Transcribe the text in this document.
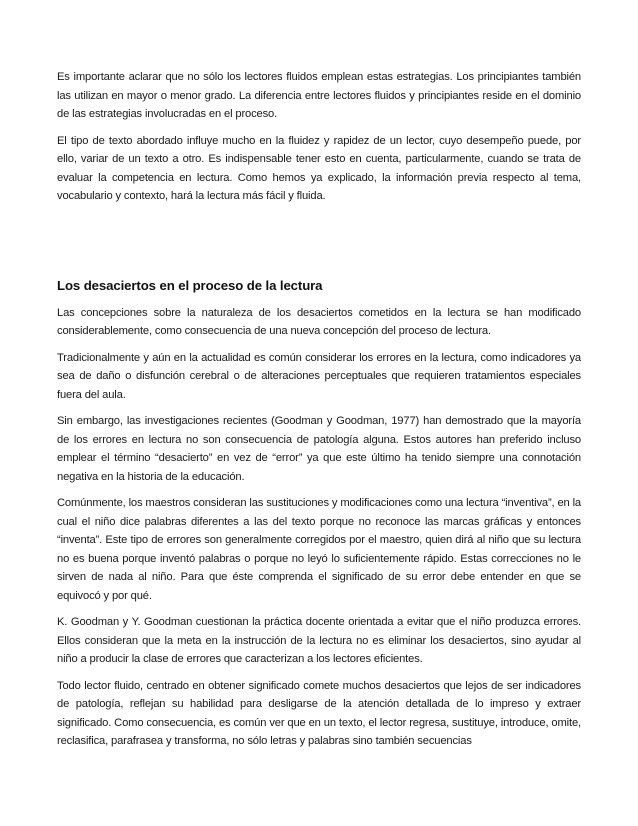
Es importante aclarar que no sólo los lectores fluidos emplean estas estrategias. Los principiantes también las utilizan en mayor o menor grado. La diferencia entre lectores fluidos y principiantes reside en el dominio de las estrategias involucradas en el proceso.

El tipo de texto abordado influye mucho en la fluidez y rapidez de un lector, cuyo desempeño puede, por ello, variar de un texto a otro. Es indispensable tener esto en cuenta, particularmente, cuando se trata de evaluar la competencia en lectura. Como hemos ya explicado, la información previa respecto al tema, vocabulario y contexto, hará la lectura más fácil y fluida.

Los desaciertos en el proceso de la lectura

Las concepciones sobre la naturaleza de los desaciertos cometidos en la lectura se han modificado considerablemente, como consecuencia de una nueva concepción del proceso de lectura.

Tradicionalmente y aún en la actualidad es común considerar los errores en la lectura, como indicadores ya sea de daño o disfunción cerebral o de alteraciones perceptuales que requieren tratamientos especiales fuera del aula.

Sin embargo, las investigaciones recientes (Goodman y Goodman, 1977) han demostrado que la mayoría de los errores en lectura no son consecuencia de patología alguna. Estos autores han preferido incluso emplear el término “desacierto” en vez de “error” ya que este último ha tenido siempre una connotación negativa en la historia de la educación.

Comúnmente, los maestros consideran las sustituciones y modificaciones como una lectura “inventiva”, en la cual el niño dice palabras diferentes a las del texto porque no reconoce las marcas gráficas y entonces “inventa”. Este tipo de errores son generalmente corregidos por el maestro, quien dirá al niño que su lectura no es buena porque inventó palabras o porque no leyó lo suficientemente rápido. Estas correcciones no le sirven de nada al niño. Para que éste comprenda el significado de su error debe entender en que se equivocó y por qué.

K. Goodman y Y. Goodman cuestionan la práctica docente orientada a evitar que el niño produzca errores. Ellos consideran que la meta en la instrucción de la lectura no es eliminar los desaciertos, sino ayudar al niño a producir la clase de errores que caracterizan a los lectores eficientes.

Todo lector fluido, centrado en obtener significado comete muchos desaciertos que lejos de ser indicadores de patología, reflejan su habilidad para desligarse de la atención detallada de lo impreso y extraer significado. Como consecuencia, es común ver que en un texto, el lector regresa, sustituye, introduce, omite, reclasifica, parafrasea y transforma, no sólo letras y palabras sino también secuencias
